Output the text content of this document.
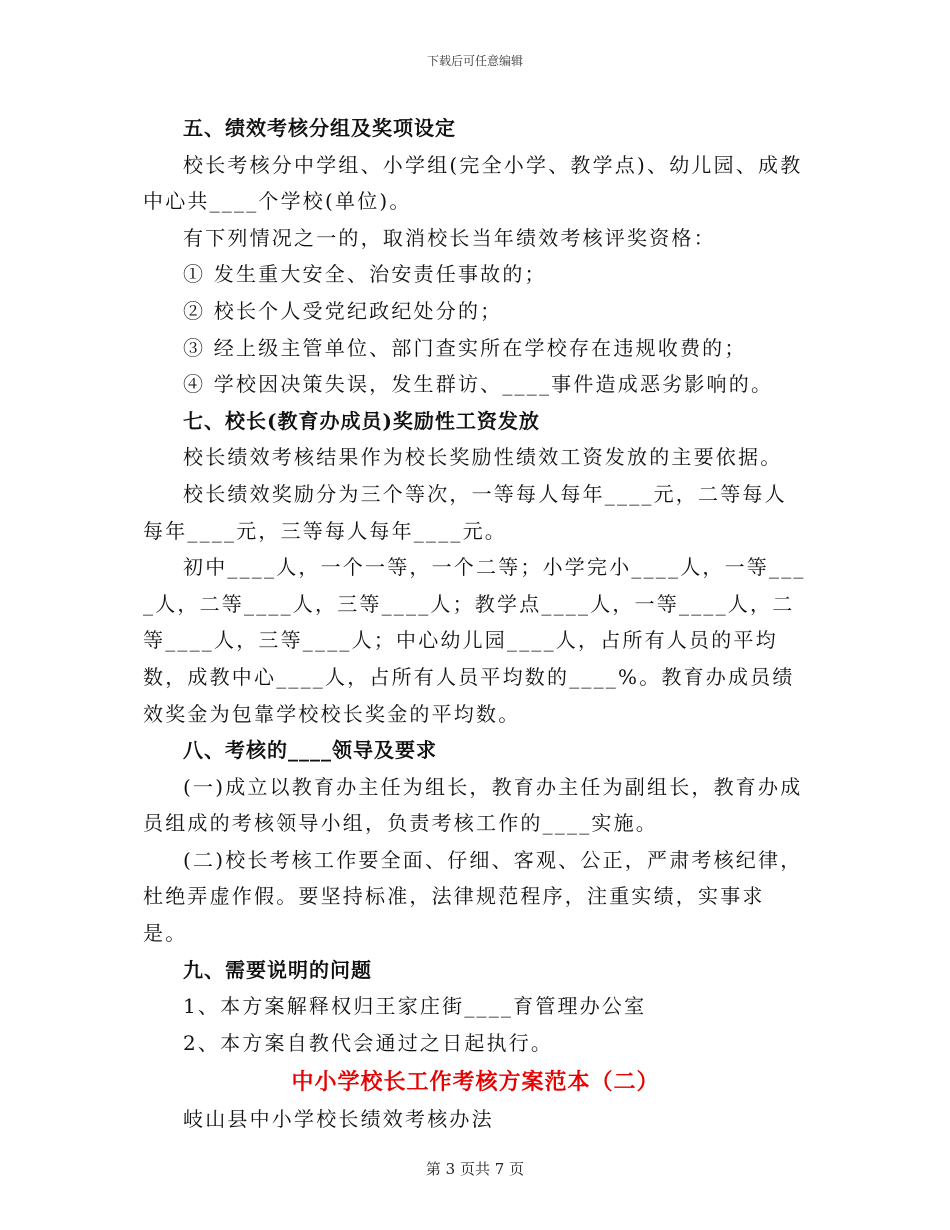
下载后可任意编辑

五、绩效考核分组及奖项设定

校长考核分中学组、小学组(完全小学、教学点)、幼儿园、成教中心共____个学校(单位)。

有下列情况之一的，取消校长当年绩效考核评奖资格：

① 发生重大安全、治安责任事故的；

② 校长个人受党纪政纪处分的；

③ 经上级主管单位、部门查实所在学校存在违规收费的；

④ 学校因决策失误，发生群访、____事件造成恶劣影响的。

七、校长(教育办成员)奖励性工资发放

校长绩效考核结果作为校长奖励性绩效工资发放的主要依据。

校长绩效奖励分为三个等次，一等每人每年____元，二等每人每年____元，三等每人每年____元。

初中____人，一个一等，一个二等；小学完小____人，一等____人，二等____人，三等____人；教学点____人，一等____人，二等____人，三等____人；中心幼儿园____人，占所有人员的平均数，成教中心____人，占所有人员平均数的____%。教育办成员绩效奖金为包靠学校校长奖金的平均数。

八、考核的____领导及要求

(一)成立以教育办主任为组长，教育办主任为副组长，教育办成员组成的考核领导小组，负责考核工作的____实施。

(二)校长考核工作要全面、仔细、客观、公正，严肃考核纪律，杜绝弄虚作假。要坚持标准，法律规范程序，注重实绩，实事求是。

九、需要说明的问题

1、本方案解释权归王家庄街____育管理办公室

2、本方案自教代会通过之日起执行。

中小学校长工作考核方案范本（二）

岐山县中小学校长绩效考核办法

第 3 页共 7 页
